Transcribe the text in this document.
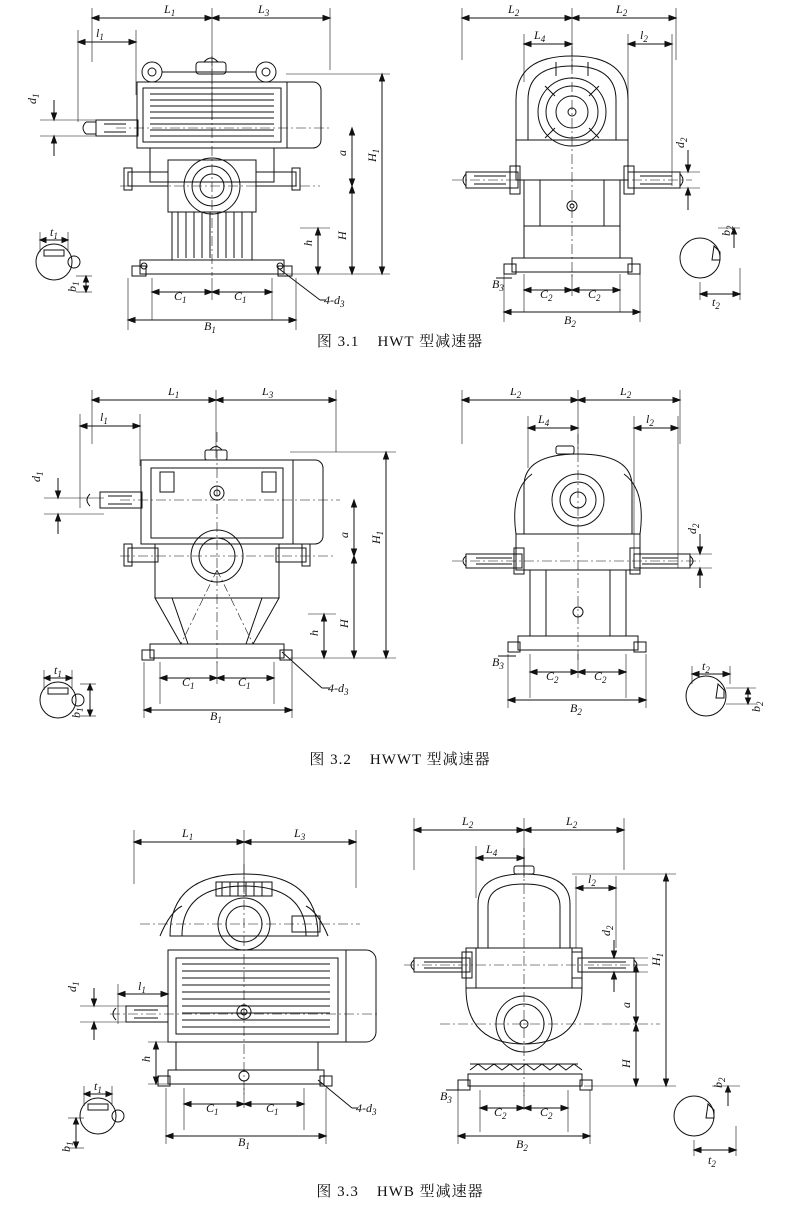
$L_1$	$L_3$
$l_1$
$d_1$
a
$H_1$
H
h
$t_1$
$b_1$
$C_1$	$C_1$
$B_1$
$4-d_3$
$L_2$	$L_2$
$L_4$	$l_2$
$d_2$
$B_3$	$C_2$	$C_2$
$B_2$
$b_2$
$t_2$
图 3.1 HWT 型减速器
$L_1$	$L_3$
$l_1$
$d_1$
a
$H_1$
H
h
$t_1$
$b_1$
$C_1$	$C_1$
$B_1$
$4-d_3$
$L_2$	$L_2$
$L_4$	$l_2$
$d_2$
$B_3$
$C_2$	$C_2$
$B_2$
$t_2$
$b_2$
图 3.2 HWWT 型减速器
$L_1$	$L_3$
$l_1$
$d_1$
h
$t_1$
$b_1$
$C_1$	$C_1$
$B_1$
$4-d_3$
$L_2$	$L_2$
$L_4$
$l_2$
$d_2$
a
$H_1$
H
$B_3$
$C_2$	$C_2$
$B_2$
$b_2$
$t_2$
图 3.3 HWB 型减速器
